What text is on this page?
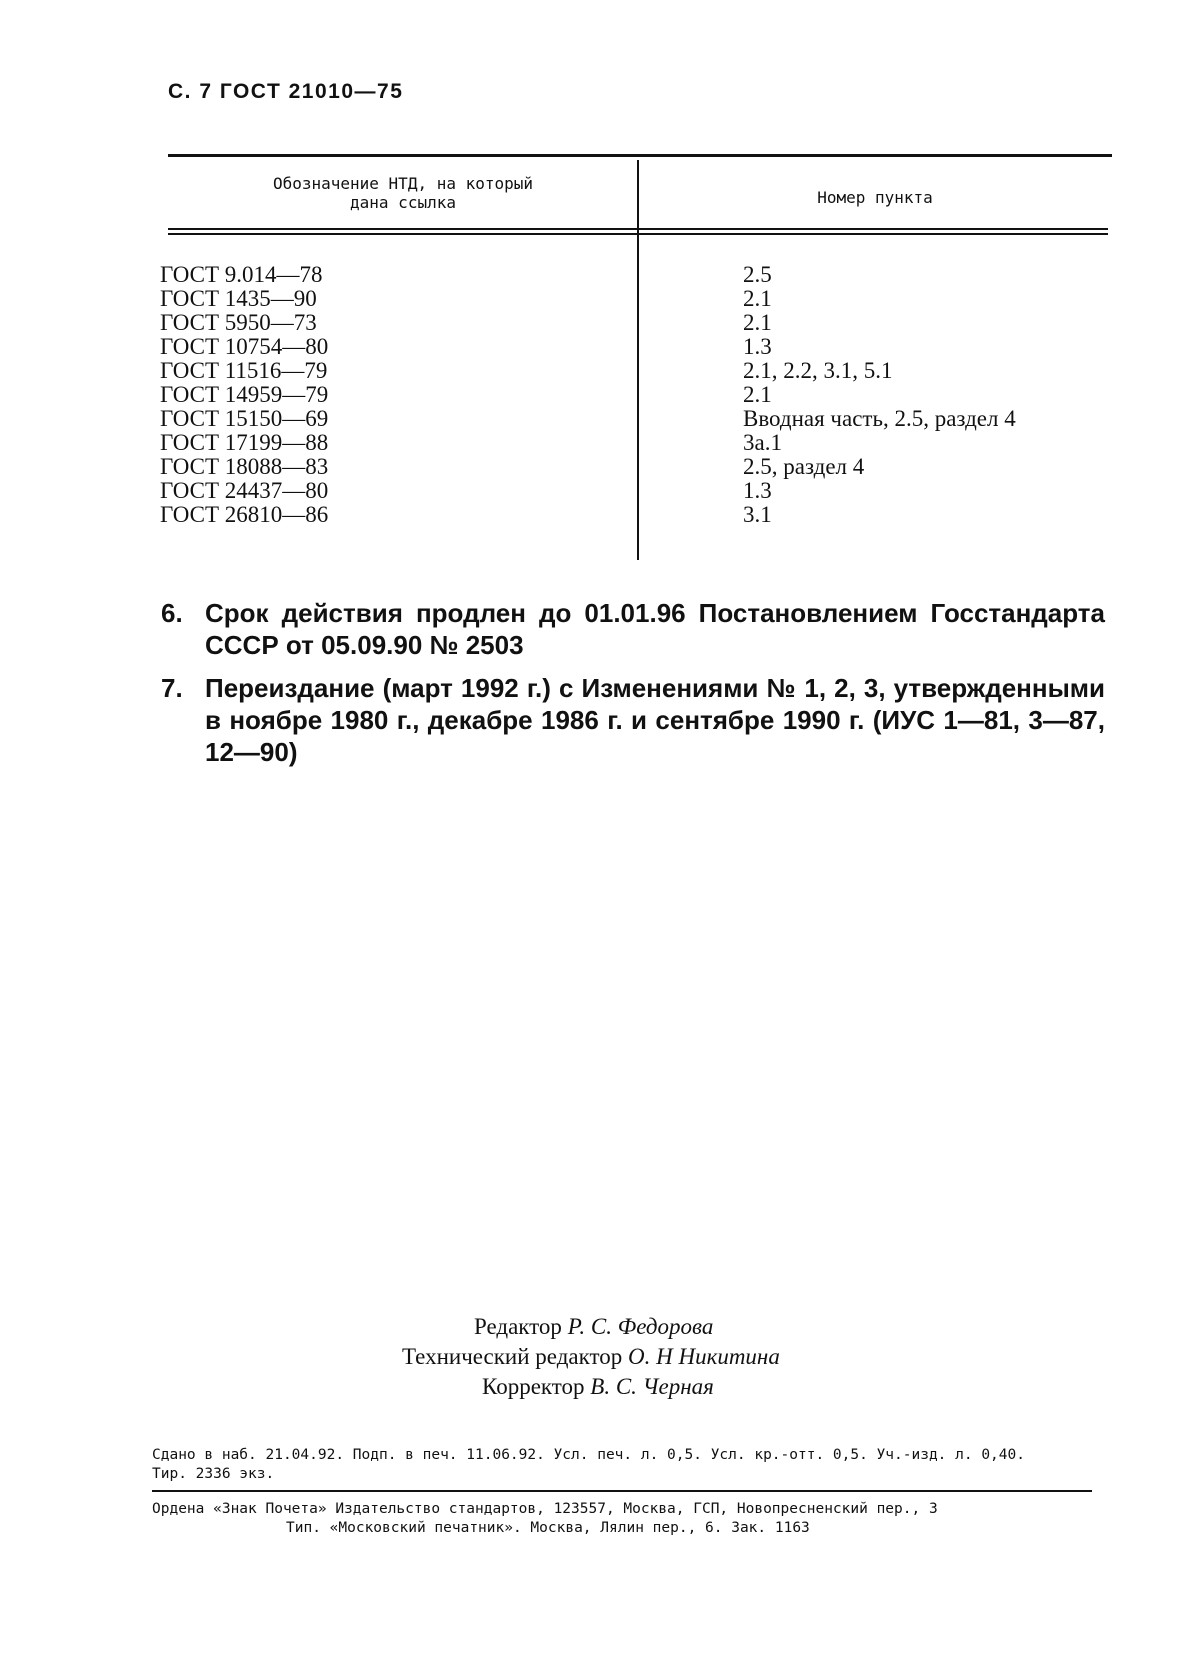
С. 7 ГОСТ 21010—75
Обозначение НТД, на который
дана ссылка	Номер пункта
ГОСТ 9.014—78
ГОСТ 1435—90
ГОСТ 5950—73
ГОСТ 10754—80
ГОСТ 11516—79
ГОСТ 14959—79
ГОСТ 15150—69
ГОСТ 17199—88
ГОСТ 18088—83
ГОСТ 24437—80
ГОСТ 26810—86
2.5
2.1
2.1
1.3
2.1, 2.2, 3.1, 5.1
2.1
Вводная часть, 2.5, раздел 4
3а.1
2.5, раздел 4
1.3
3.1
6. Срок действия продлен до 01.01.96 Постановлением Госстандарта СССР от 05.09.90 № 2503
7. Переиздание (март 1992 г.) с Изменениями № 1, 2, 3, утвержденными в ноябре 1980 г., декабре 1986 г. и сентябре 1990 г. (ИУС 1—81, 3—87, 12—90)
Редактор Р. С. Федорова
Технический редактор О. Н Никитина
Корректор В. С. Черная
Сдано в наб. 21.04.92. Подп. в печ. 11.06.92. Усл. печ. л. 0,5. Усл. кр.-отт. 0,5. Уч.-изд. л. 0,40.
Тир. 2336 экз.
Ордена «Знак Почета» Издательство стандартов, 123557, Москва, ГСП, Новопресненский пер., 3
Тип. «Московский печатник». Москва, Лялин пер., 6. Зак. 1163
